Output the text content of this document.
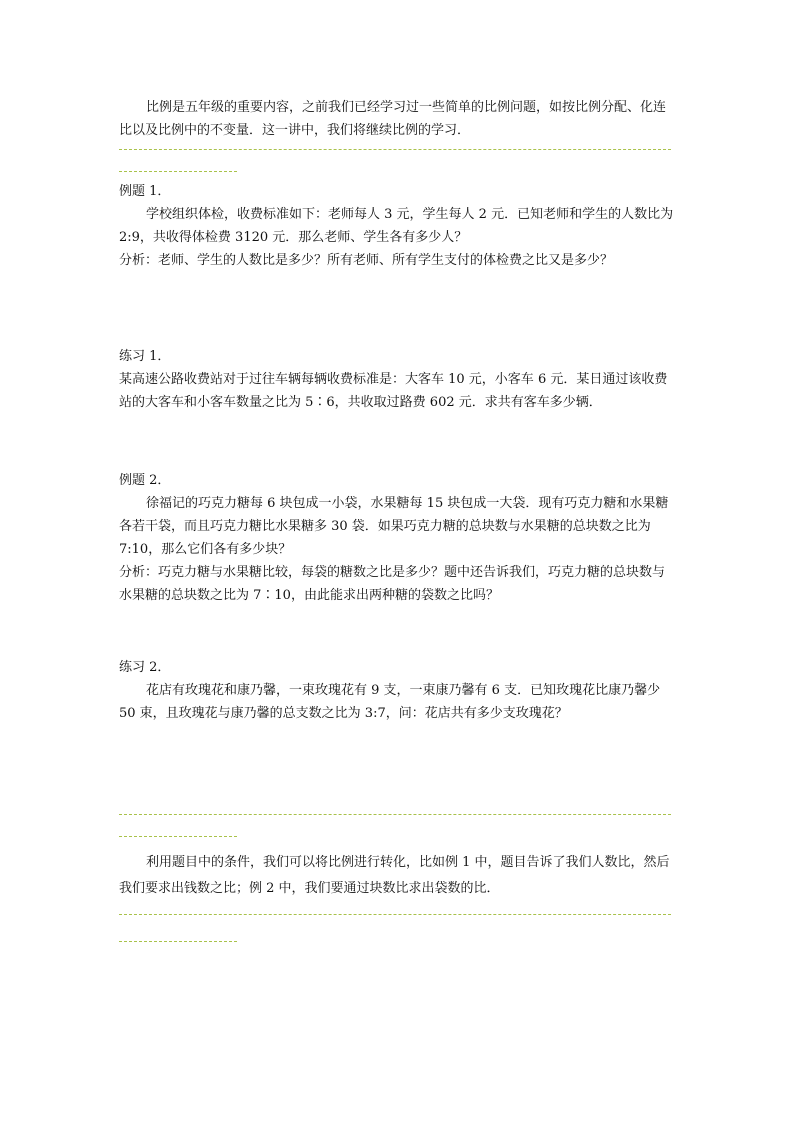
比例是五年级的重要内容，之前我们已经学习过一些简单的比例问题，如按比例分配、化连比以及比例中的不变量．这一讲中，我们将继续比例的学习．

例题 1．

学校组织体检，收费标准如下：老师每人 3 元，学生每人 2 元．已知老师和学生的人数比为 2:9，共收得体检费 3120 元．那么老师、学生各有多少人？

分析：老师、学生的人数比是多少？所有老师、所有学生支付的体检费之比又是多少？

练习 1．

某高速公路收费站对于过往车辆每辆收费标准是：大客车 10 元，小客车 6 元．某日通过该收费站的大客车和小客车数量之比为 5∶6，共收取过路费 602 元．求共有客车多少辆．

例题 2．

徐福记的巧克力糖每 6 块包成一小袋，水果糖每 15 块包成一大袋．现有巧克力糖和水果糖各若干袋，而且巧克力糖比水果糖多 30 袋．如果巧克力糖的总块数与水果糖的总块数之比为 7:10，那么它们各有多少块？

分析：巧克力糖与水果糖比较，每袋的糖数之比是多少？题中还告诉我们，巧克力糖的总块数与水果糖的总块数之比为 7∶10，由此能求出两种糖的袋数之比吗？

练习 2．

花店有玫瑰花和康乃馨，一束玫瑰花有 9 支，一束康乃馨有 6 支．已知玫瑰花比康乃馨少 50 束，且玫瑰花与康乃馨的总支数之比为 3:7，问：花店共有多少支玫瑰花？

利用题目中的条件，我们可以将比例进行转化，比如例 1 中，题目告诉了我们人数比，然后我们要求出钱数之比；例 2 中，我们要通过块数比求出袋数的比．
